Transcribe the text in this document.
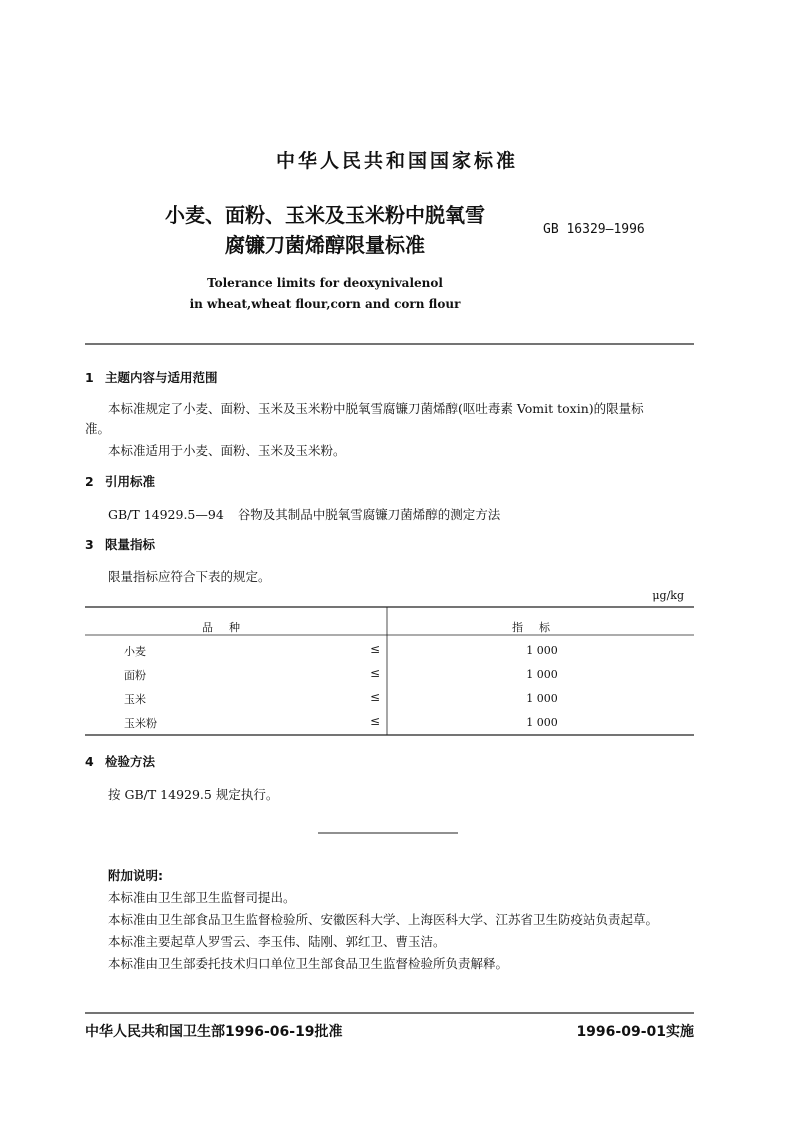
中华人民共和国国家标准
小麦、面粉、玉米及玉米粉中脱氧雪
腐镰刀菌烯醇限量标准
GB 16329—1996
Tolerance limits for deoxynivalenol
in wheat,wheat flour,corn and corn flour
1 主题内容与适用范围
本标准规定了小麦、面粉、玉米及玉米粉中脱氧雪腐镰刀菌烯醇(呕吐毒素 Vomit toxin)的限量标
准。
本标准适用于小麦、面粉、玉米及玉米粉。
2 引用标准
GB/T 14929.5—94 谷物及其制品中脱氧雪腐镰刀菌烯醇的测定方法
3 限量指标
限量指标应符合下表的规定。
μg/kg
品种	指标
小麦	≤	1 000
面粉	≤	1 000
玉米	≤	1 000
玉米粉	≤	1 000
4 检验方法
按 GB/T 14929.5 规定执行。
附加说明:
本标准由卫生部卫生监督司提出。
本标准由卫生部食品卫生监督检验所、安徽医科大学、上海医科大学、江苏省卫生防疫站负责起草。
本标准主要起草人罗雪云、李玉伟、陆刚、郭红卫、曹玉洁。
本标准由卫生部委托技术归口单位卫生部食品卫生监督检验所负责解释。
中华人民共和国卫生部1996-06-19批准	1996-09-01实施
